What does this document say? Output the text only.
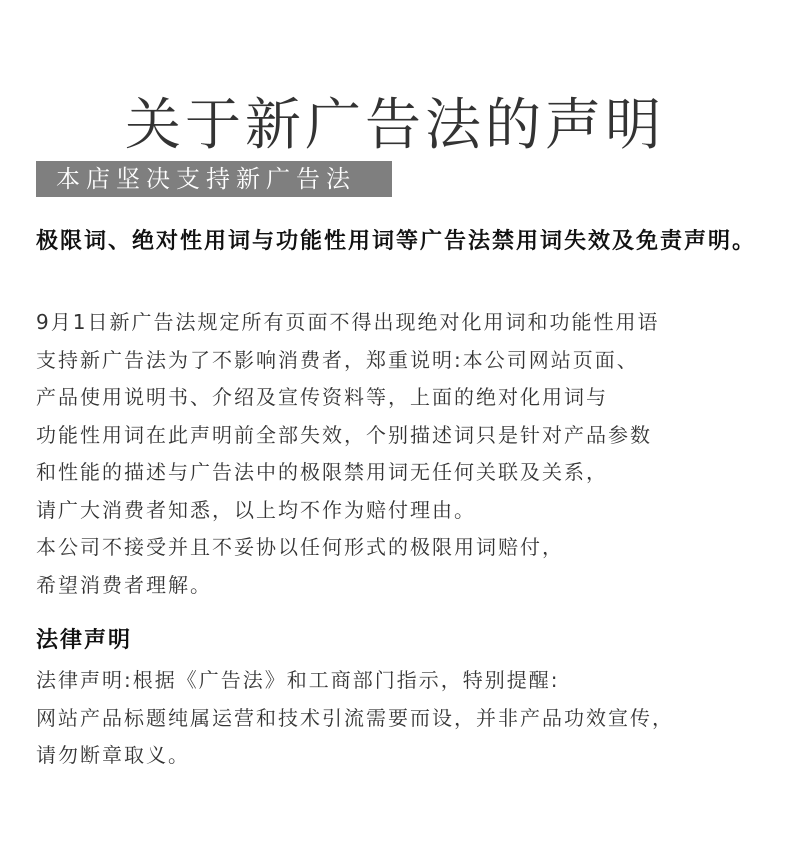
关于新广告法的声明
本店坚决支持新广告法
极限词、绝对性用词与功能性用词等广告法禁用词失效及免责声明。
9月1日新广告法规定所有页面不得出现绝对化用词和功能性用语
支持新广告法为了不影响消费者，郑重说明:本公司网站页面、
产品使用说明书、介绍及宣传资料等，上面的绝对化用词与
功能性用词在此声明前全部失效，个别描述词只是针对产品参数
和性能的描述与广告法中的极限禁用词无任何关联及关系，
请广大消费者知悉，以上均不作为赔付理由。
本公司不接受并且不妥协以任何形式的极限用词赔付，
希望消费者理解。
法律声明
法律声明:根据《广告法》和工商部门指示，特别提醒:
网站产品标题纯属运营和技术引流需要而设，并非产品功效宣传，
请勿断章取义。
